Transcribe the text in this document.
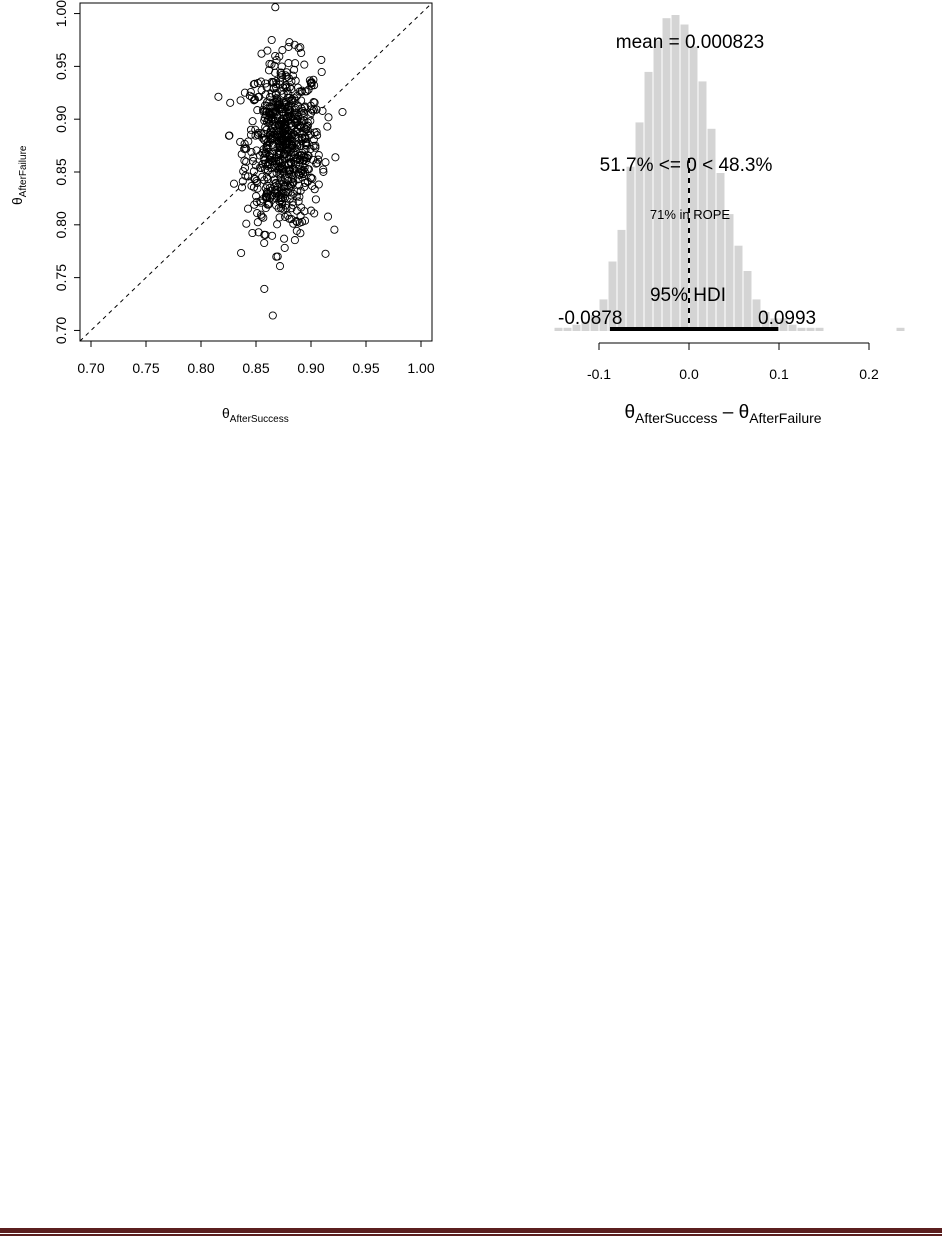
0.70 0.75 0.80 0.85 0.90 0.95 1.00
0.70
0.75
0.80
0.85
0.90
0.95
1.00
$\theta_{AfterSuccess}$
$\theta_{AfterFailure}$
-0.1	0.0	0.1	0.2
mean = 0.000823
51.7% <= 0 < 48.3%
71% in ROPE
95% HDI
-0.0878	0.0993
$\theta_{AfterSuccess} - \theta_{AfterFailure}$
